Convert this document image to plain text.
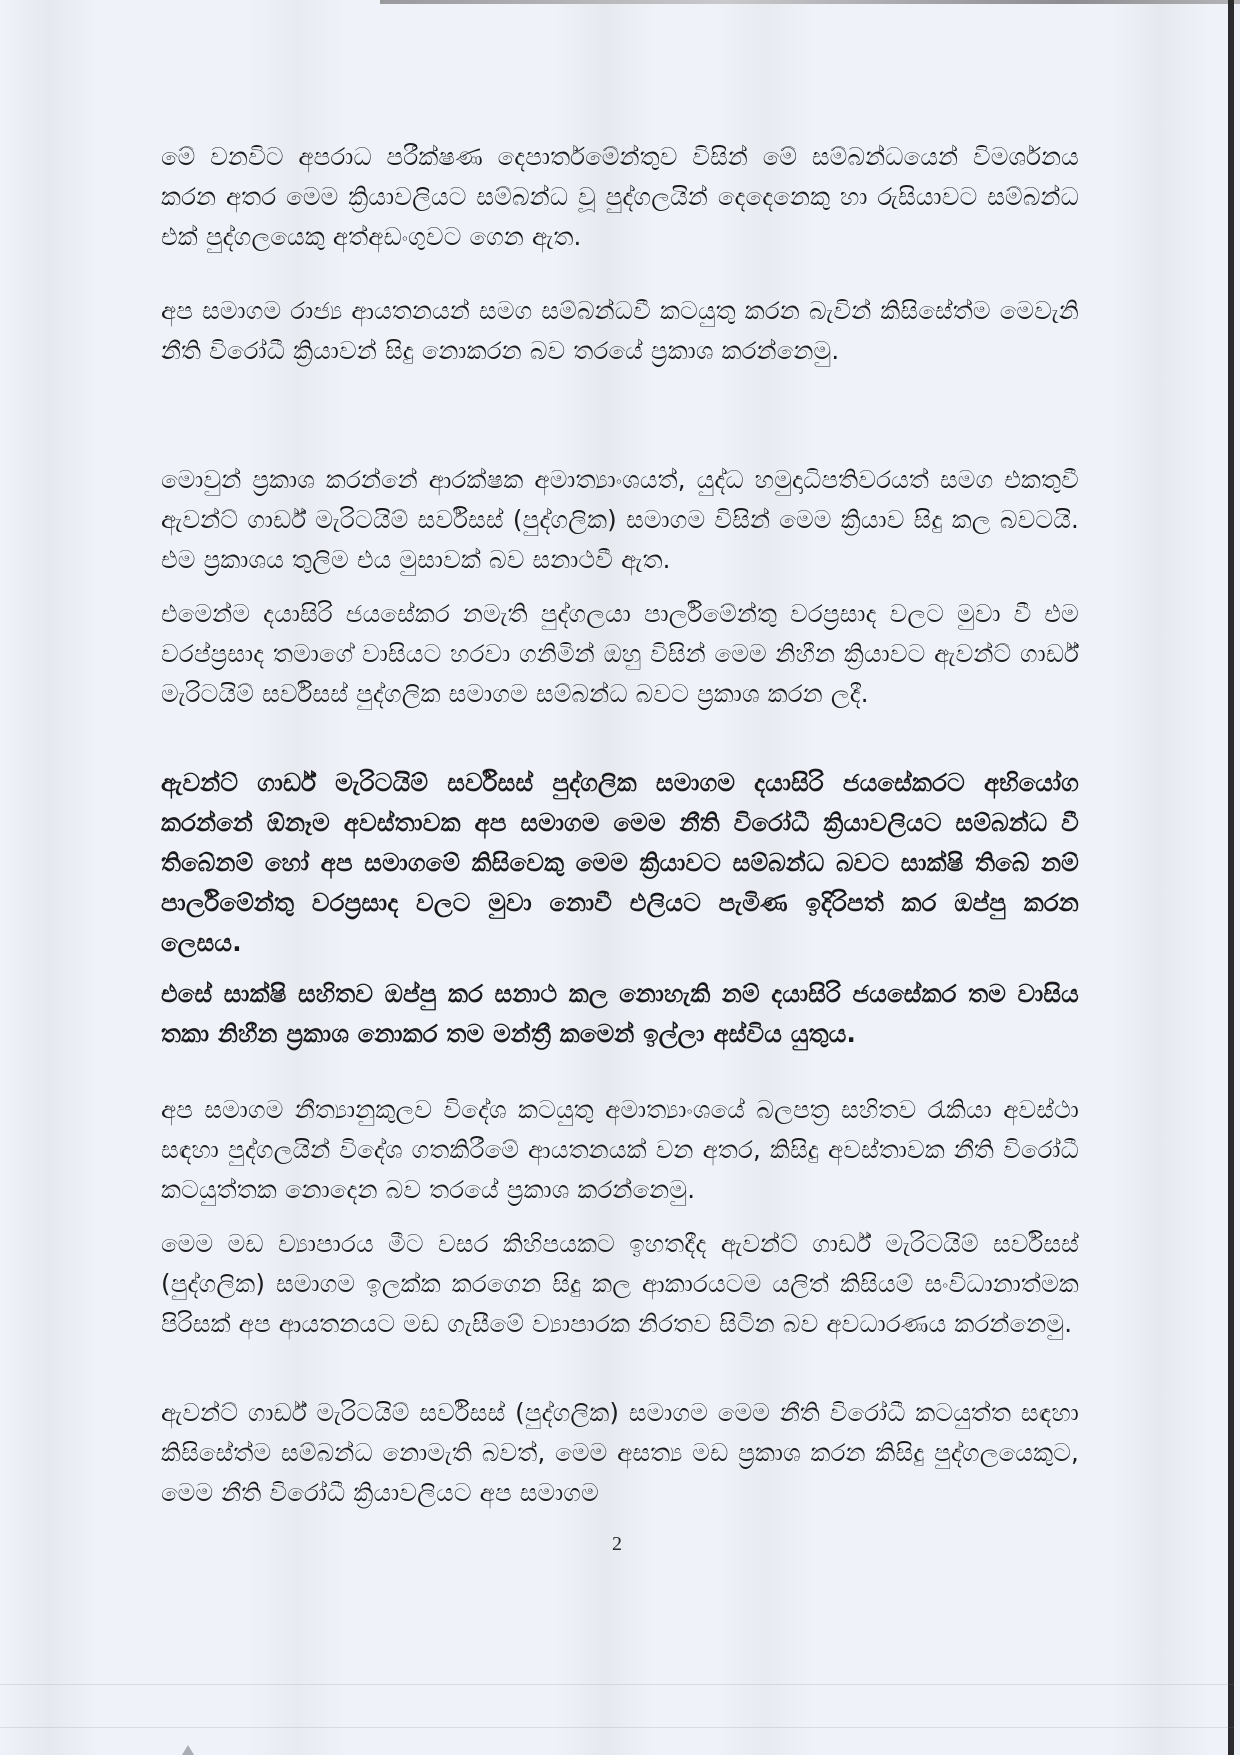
මේ වනවිට අපරාධ පරීක්ෂණ දෙපාර්තමේන්තුව විසින් මේ සම්බන්ධයෙන් විමර්ශනය කරන අතර මෙම ක්‍රියාවලියට සම්බන්ධ වූ පුද්ගලයින් දෙදෙනෙකු හා රුසියාවට සම්බන්ධ එක් පුද්ගලයෙකු අත්අඩංගුවට ගෙන ඇත.

අප සමාගම රාජ්‍ය ආයතනයන් සමග සම්බන්ධවී කටයුතු කරන බැවින් කිසිසේත්ම මෙවැනි නීති විරෝධී ක්‍රියාවන් සිදු නොකරන බව තරයේ ප්‍රකාශ කරන්නෙමු.

මොවුන් ප්‍රකාශ කරන්නේ ආරක්ෂක අමාත්‍යාංශයත්, යුද්ධ හමුදාධිපතිවරයත් සමග එකතුවී ඇවන්ට් ගාර්ඩ් මැරිටයිම් සර්විසස් (පුද්ගලික) සමාගම විසින් මෙම ක්‍රියාව සිදු කල බවටයි. එම ප්‍රකාශය තුලිම එය මුසාවක් බව සනාථවී ඇත.

එමෙන්ම දයාසිරි ජයසේකර නමැති පුද්ගලයා පාර්ලිමේන්තු වරප්‍රසාද වලට මුවා වී එම වරප්ප්‍රසාද තමාගේ වාසියට හරවා ගනිමින් ඔහු විසින් මෙම නිහීන ක්‍රියාවට ඇවන්ට් ගාර්ඩ් මැරිටයිම් සර්විසස් පුද්ගලික සමාගම සම්බන්ධ බවට ප්‍රකාශ කරන ලදී.

ඇවන්ට් ගාර්ඩ් මැරිටයිම් සර්විසස් පුද්ගලික සමාගම දයාසිරි ජයසේකරට අභියෝග කරන්නේ ඕනෑම අවස්තාවක අප සමාගම මෙම නීති විරෝධී ක්‍රියාවලියට සම්බන්ධ වී තිබේනම් හෝ අප සමාගමේ කිසිවෙකු මෙම ක්‍රියාවට සම්බන්ධ බවට සාක්ෂි තිබේ නම් පාර්ලිමේන්තු වරප්‍රසාද වලට මුවා නොවී එලියට පැමිණ ඉදිරිපත් කර ඔප්පු කරන ලෙසය.

එසේ සාක්ෂි සහිතව ඔප්පු කර සනාථ කල නොහැකි නම් දයාසිරි ජයසේකර තම වාසිය තකා නිහීන ප්‍රකාශ නොකර තම මන්ත්‍රී කමෙන් ඉල්ලා අස්විය යුතුය.

අප සමාගම නීත්‍යානුකුලව විදේශ කටයුතු අමාත්‍යාංශයේ බලපත්‍ර සහිතව රැකියා අවස්ථා සඳහා පුද්ගලයින් විදේශ ගතකිරීමේ ආයතනයක් වන අතර, කිසිදු අවස්තාවක නීති විරෝධී කටයුත්තක නොදෙන බව තරයේ ප්‍රකාශ කරන්නෙමු.

මෙම මඩ ව්‍යාපාරය මීට වසර කිහිපයකට ඉහතදීද ඇවන්ට් ගාර්ඩ් මැරිටයිම් සර්විසස් (පුද්ගලික) සමාගම ඉලක්ක කරගෙන සිදු කල ආකාරයටම යලිත් කිසියම් සංවිධානාත්මක පිරිසක් අප ආයතනයට මඩ ගැසීමේ ව්‍යාපාරක නිරතව සිටින බව අවධාරණය කරන්නෙමු.

ඇවන්ට් ගාර්ඩ් මැරිටයිම් සර්විසස් (පුද්ගලික) සමාගම මෙම නීති විරෝධී කටයුත්ත සඳහා කිසිසේත්ම සම්බන්ධ නොමැති බවත්, මෙම අසත්‍ය මඩ ප්‍රකාශ කරන කිසිදු පුද්ගලයෙකුට, මෙම නීති විරෝධී ක්‍රියාවලියට අප සමාගම

2
